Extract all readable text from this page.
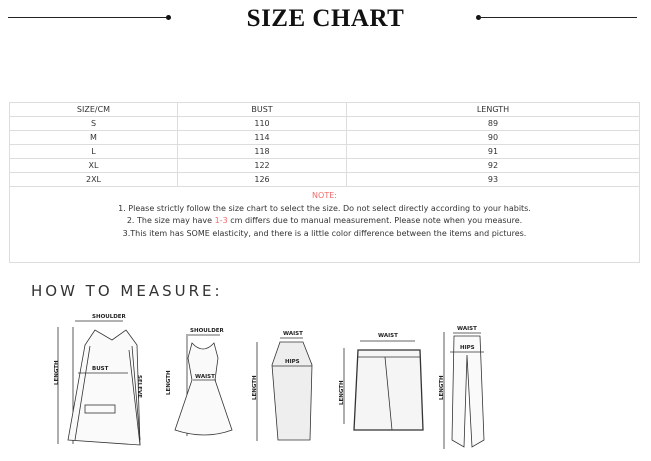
SIZE CHART
SIZE/CM	BUST	LENGTH
S	110	89
M	114	90
L	118	91
XL	122	92
2XL	126	93

NOTE:
1. Please strictly follow the size chart to select the size. Do not select directly according to your habits.
2. The size may have 1-3 cm differs due to manual measurement. Please note when you measure.
3.This item has SOME elasticity, and there is a little color difference between the items and pictures.		
HOW TO MEASURE:
SHOULDER
BUST
LENGTH
SELEVE
SHOULDER
WAIST
LENGTH
WAIST
HIPS
LENGTH
WAIST
LENGTH
WAIST
HIPS
LENGTH
